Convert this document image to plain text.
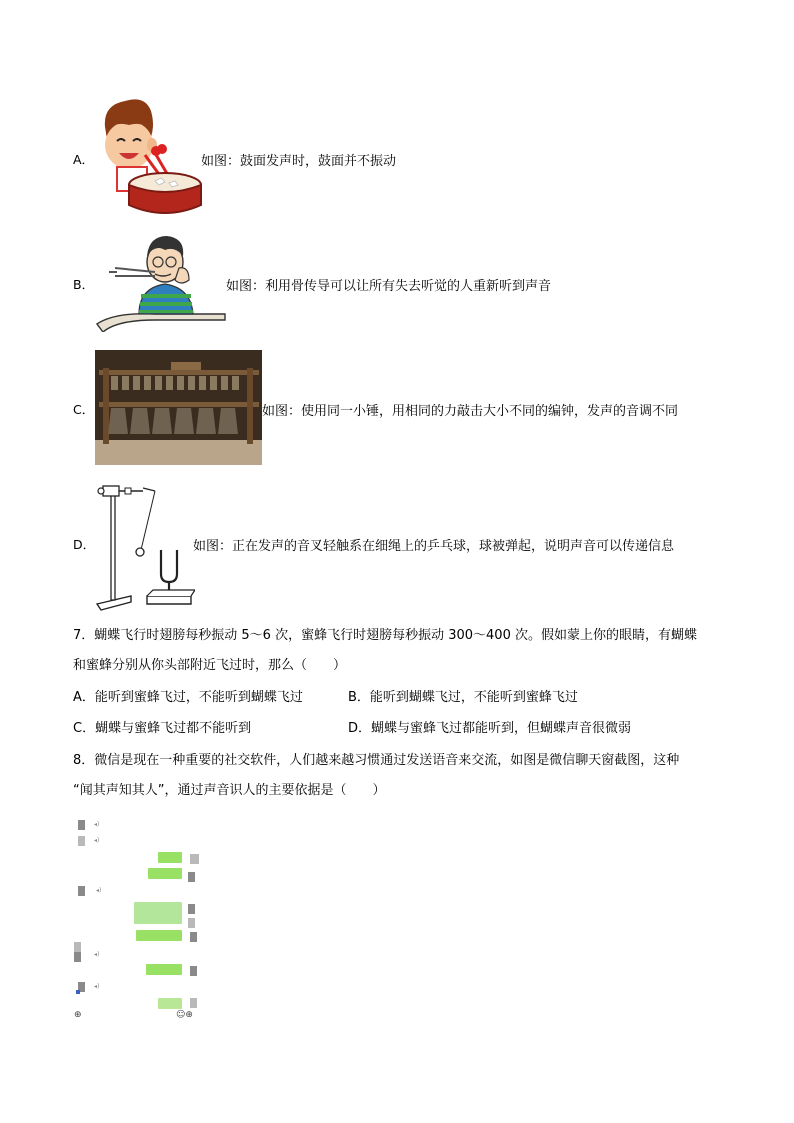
A．	如图：鼓面发声时，鼓面并不振动
B．	如图：利用骨传导可以让所有失去听觉的人重新听到声音
C．	如图：使用同一小锤，用相同的力敲击大小不同的编钟，发声的音调不同
D．	如图：正在发声的音叉轻触系在细绳上的乒乓球，球被弹起，说明声音可以传递信息
7．蝴蝶飞行时翅膀每秒振动 5～6 次，蜜蜂飞行时翅膀每秒振动 300～400 次。假如蒙上你的眼睛，有蝴蝶
和蜜蜂分别从你头部附近飞过时，那么（　　）
A．能听到蜜蜂飞过，不能听到蝴蝶飞过	B．能听到蝴蝶飞过，不能听到蜜蜂飞过
C．蝴蝶与蜜蜂飞过都不能听到	D．蝴蝶与蜜蜂飞过都能听到，但蝴蝶声音很微弱
8．微信是现在一种重要的社交软件，人们越来越习惯通过发送语音来交流，如图是微信聊天窗截图，这种
“闻其声知其人”，通过声音识人的主要依据是（　　）
◂)
◂)
◂)
◂)
◂)
⊕	☺⊕
